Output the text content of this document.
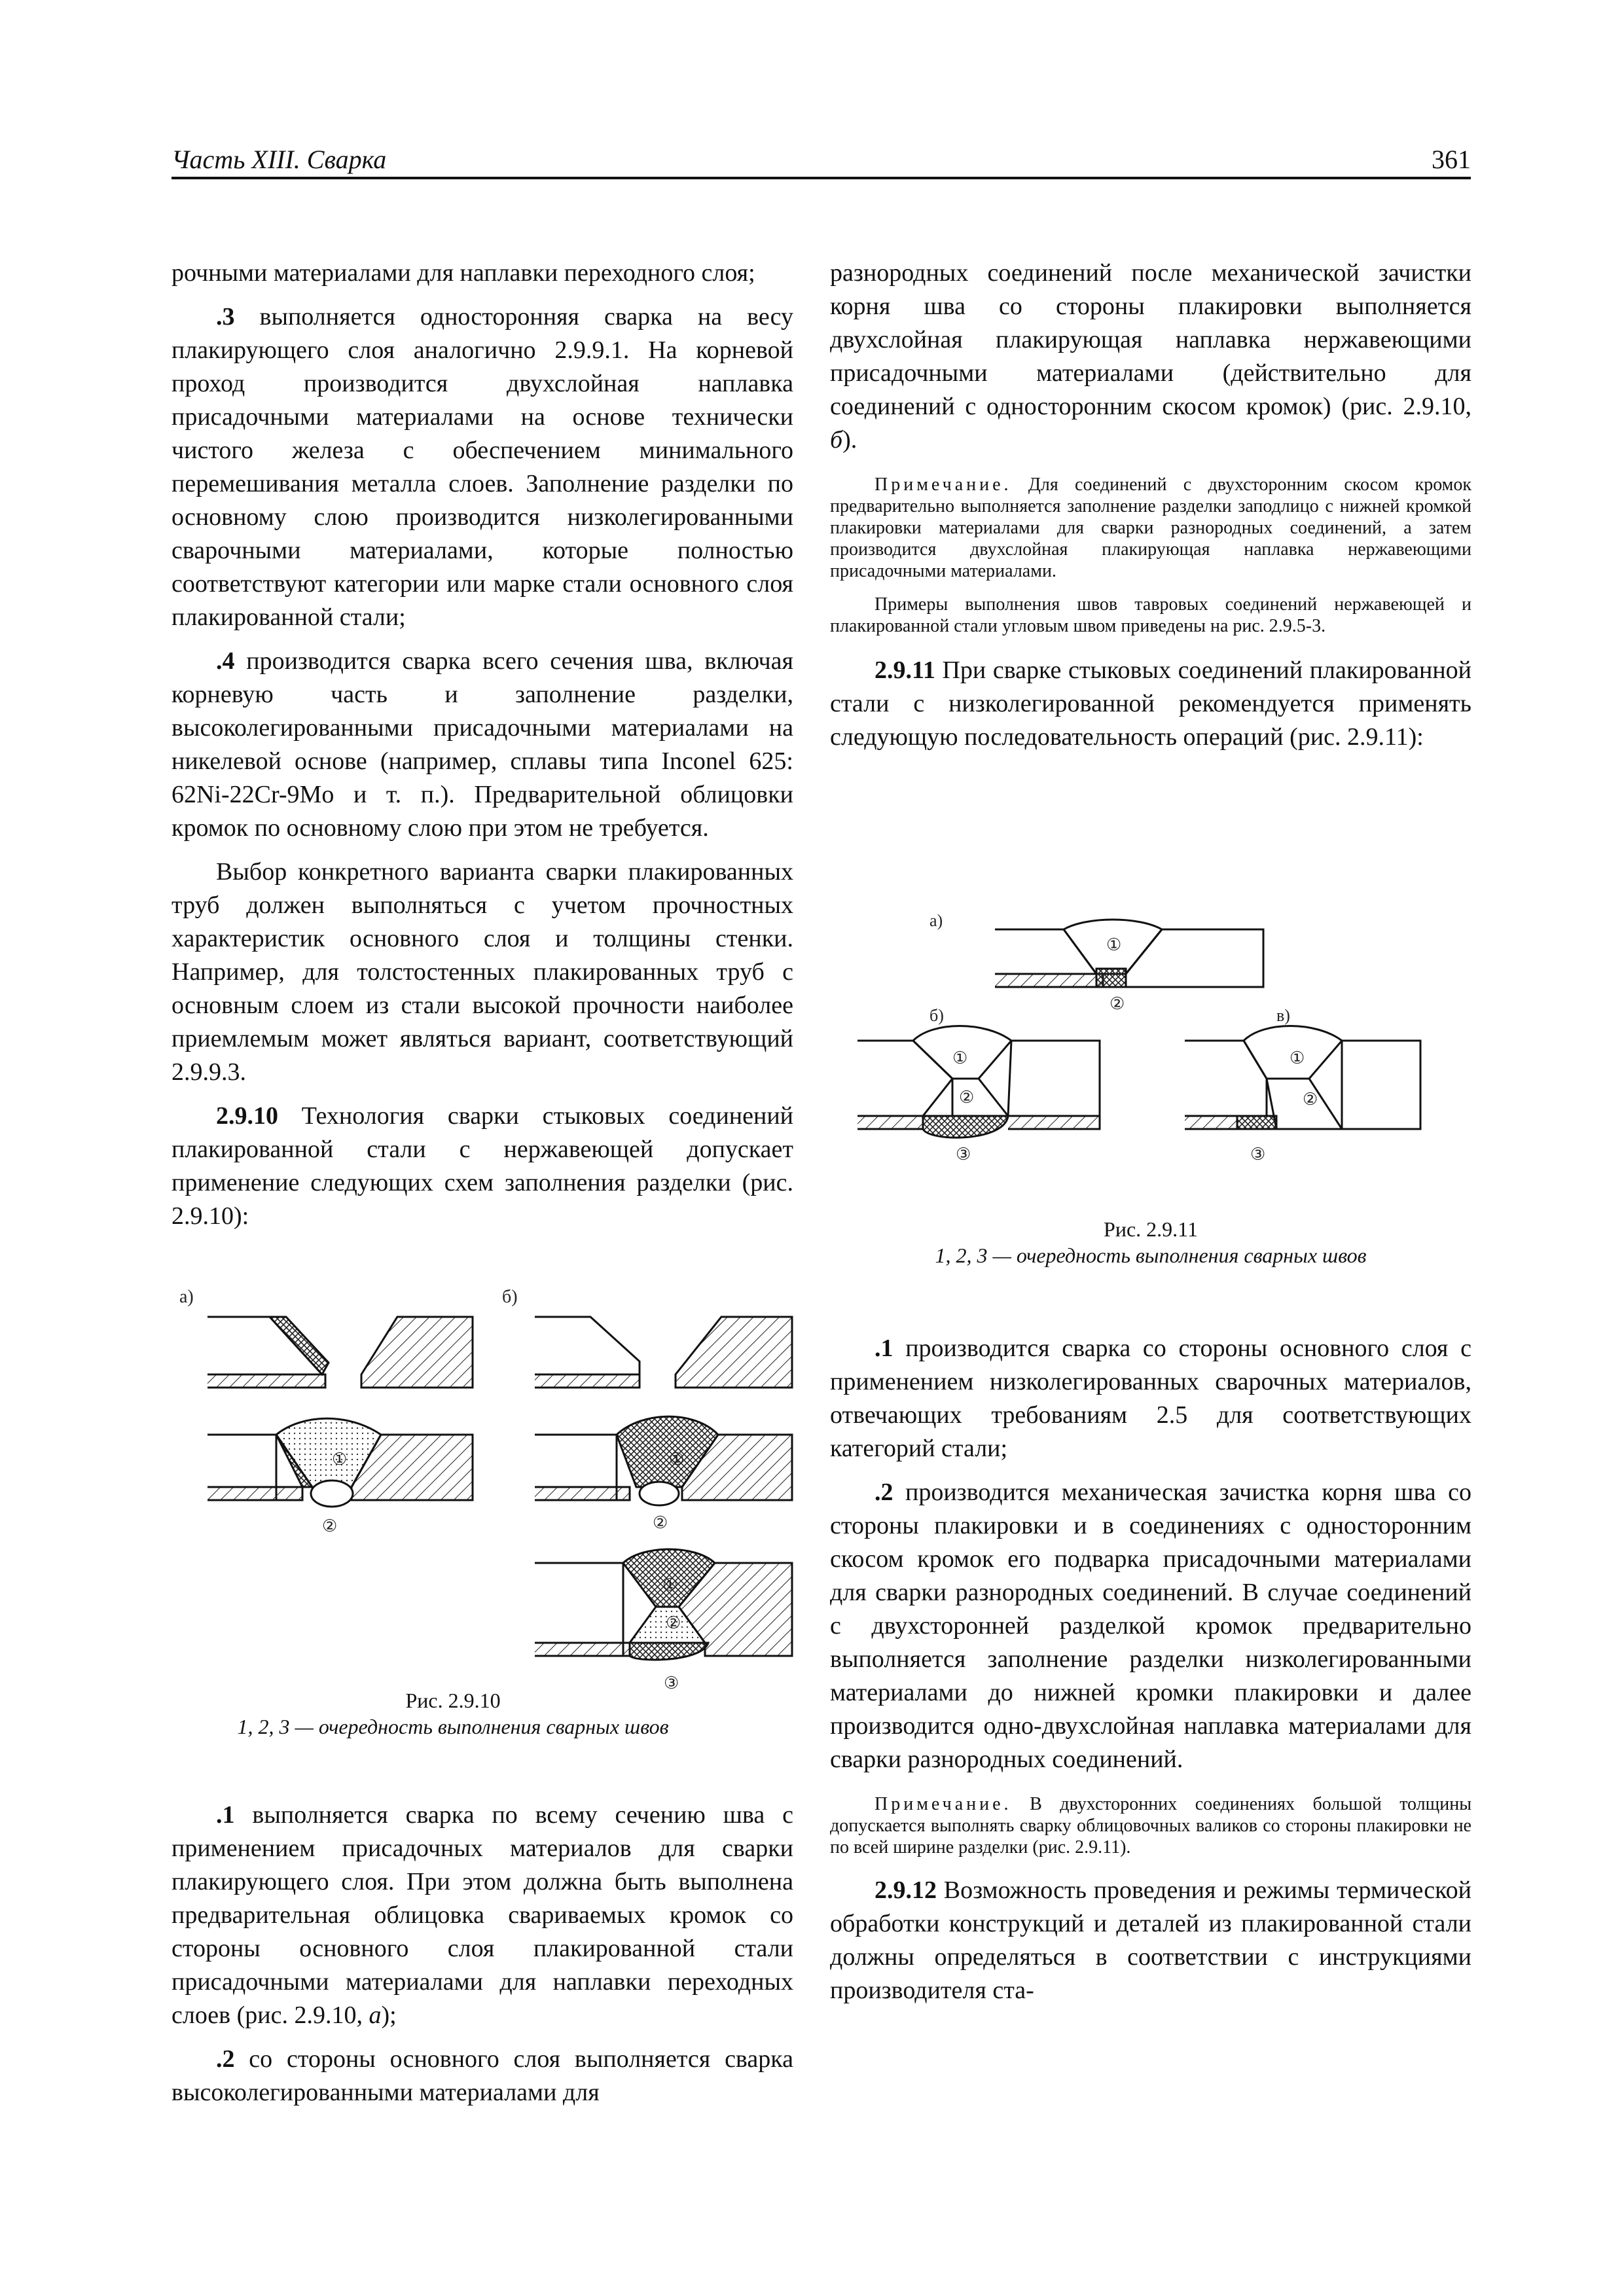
Часть XIII. Сварка	361

рочными материалами для наплавки переходного слоя;

.3 выполняется односторонняя сварка на весу плакирующего слоя аналогично 2.9.9.1. На корневой проход производится двухслойная наплавка присадочными материалами на основе технически чистого железа с обеспечением минимального перемешивания металла слоев. Заполнение разделки по основному слою производится низколегированными сварочными материалами, которые полностью соответствуют категории или марке стали основного слоя плакированной стали;

.4 производится сварка всего сечения шва, включая корневую часть и заполнение разделки, высоколегированными присадочными материалами на никелевой основе (например, сплавы типа Inconel 625: 62Ni-22Cr-9Mo и т. п.). Предварительной облицовки кромок по основному слою при этом не требуется.

Выбор конкретного варианта сварки плакированных труб должен выполняться с учетом прочностных характеристик основного слоя и толщины стенки. Например, для толстостенных плакированных труб с основным слоем из стали высокой прочности наиболее приемлемым может являться вариант, соответствующий 2.9.9.3.

2.9.10 Технология сварки стыковых соединений плакированной стали с нержавеющей допускает применение следующих схем заполнения разделки (рис. 2.9.10):

а)	б)
①
②
①
②
①
②
③
Рис. 2.9.10
1, 2, 3 — очередность выполнения сварных швов

.1 выполняется сварка по всему сечению шва с применением присадочных материалов для сварки плакирующего слоя. При этом должна быть выполнена предварительная облицовка свариваемых кромок со стороны основного слоя плакированной стали присадочными материалами для наплавки переходных слоев (рис. 2.9.10, а);

.2 со стороны основного слоя выполняется сварка высоколегированными материалами для

разнородных соединений после механической зачистки корня шва со стороны плакировки выполняется двухслойная плакирующая наплавка нержавеющими присадочными материалами (действительно для соединений с односторонним скосом кромок) (рис. 2.9.10, б).

Примечание. Для соединений с двухсторонним скосом кромок предварительно выполняется заполнение разделки заподлицо с нижней кромкой плакировки материалами для сварки разнородных соединений, а затем производится двухслойная плакирующая наплавка нержавеющими присадочными материалами.
Примеры выполнения швов тавровых соединений нержавеющей и плакированной стали угловым швом приведены на рис. 2.9.5-3.

2.9.11 При сварке стыковых соединений плакированной стали с низколегированной рекомендуется применять следующую последовательность операций (рис. 2.9.11):

а)
б)	в)
①
②
①
②
③
①
②
③
Рис. 2.9.11
1, 2, 3 — очередность выполнения сварных швов

.1 производится сварка со стороны основного слоя с применением низколегированных сварочных материалов, отвечающих требованиям 2.5 для соответствующих категорий стали;

.2 производится механическая зачистка корня шва со стороны плакировки и в соединениях с односторонним скосом кромок его подварка присадочными материалами для сварки разнородных соединений. В случае соединений с двухсторонней разделкой кромок предварительно выполняется заполнение разделки низколегированными материалами до нижней кромки плакировки и далее производится одно-двухслойная наплавка материалами для сварки разнородных соединений.

Примечание. В двухсторонних соединениях большой толщины допускается выполнять сварку облицовочных валиков со стороны плакировки не по всей ширине разделки (рис. 2.9.11).

2.9.12 Возможность проведения и режимы термической обработки конструкций и деталей из плакированной стали должны определяться в соответствии с инструкциями производителя ста-
